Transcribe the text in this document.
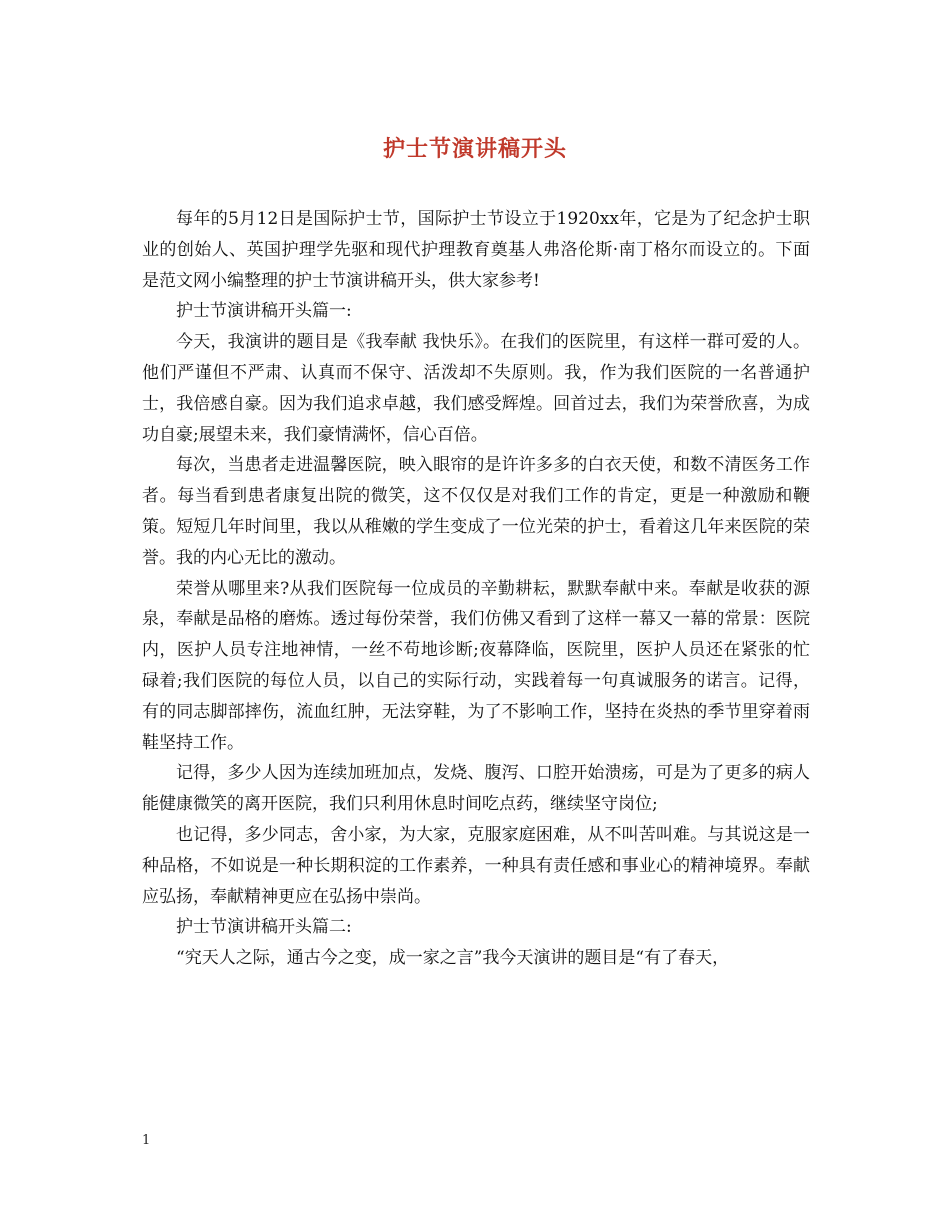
护士节演讲稿开头

每年的5月12日是国际护士节，国际护士节设立于1920xx年，它是为了纪念护士职业的创始人、英国护理学先驱和现代护理教育奠基人弗洛伦斯·南丁格尔而设立的。下面是范文网小编整理的护士节演讲稿开头，供大家参考!

护士节演讲稿开头篇一:

今天，我演讲的题目是《我奉献 我快乐》。在我们的医院里，有这样一群可爱的人。他们严谨但不严肃、认真而不保守、活泼却不失原则。我，作为我们医院的一名普通护士，我倍感自豪。因为我们追求卓越，我们感受辉煌。回首过去，我们为荣誉欣喜，为成功自豪;展望未来，我们豪情满怀，信心百倍。

每次，当患者走进温馨医院，映入眼帘的是许许多多的白衣天使，和数不清医务工作者。每当看到患者康复出院的微笑，这不仅仅是对我们工作的肯定，更是一种激励和鞭策。短短几年时间里，我以从稚嫩的学生变成了一位光荣的护士，看着这几年来医院的荣誉。我的内心无比的激动。

荣誉从哪里来?从我们医院每一位成员的辛勤耕耘，默默奉献中来。奉献是收获的源泉，奉献是品格的磨炼。透过每份荣誉，我们仿佛又看到了这样一幕又一幕的常景：医院内，医护人员专注地神情，一丝不苟地诊断;夜幕降临，医院里，医护人员还在紧张的忙碌着;我们医院的每位人员，以自己的实际行动，实践着每一句真诚服务的诺言。记得，有的同志脚部摔伤，流血红肿，无法穿鞋，为了不影响工作，坚持在炎热的季节里穿着雨鞋坚持工作。

记得，多少人因为连续加班加点，发烧、腹泻、口腔开始溃疡，可是为了更多的病人能健康微笑的离开医院，我们只利用休息时间吃点药，继续坚守岗位;

也记得，多少同志，舍小家，为大家，克服家庭困难，从不叫苦叫难。与其说这是一种品格，不如说是一种长期积淀的工作素养，一种具有责任感和事业心的精神境界。奉献应弘扬，奉献精神更应在弘扬中崇尚。

护士节演讲稿开头篇二:

“究天人之际，通古今之变，成一家之言”我今天演讲的题目是“有了春天，

1
